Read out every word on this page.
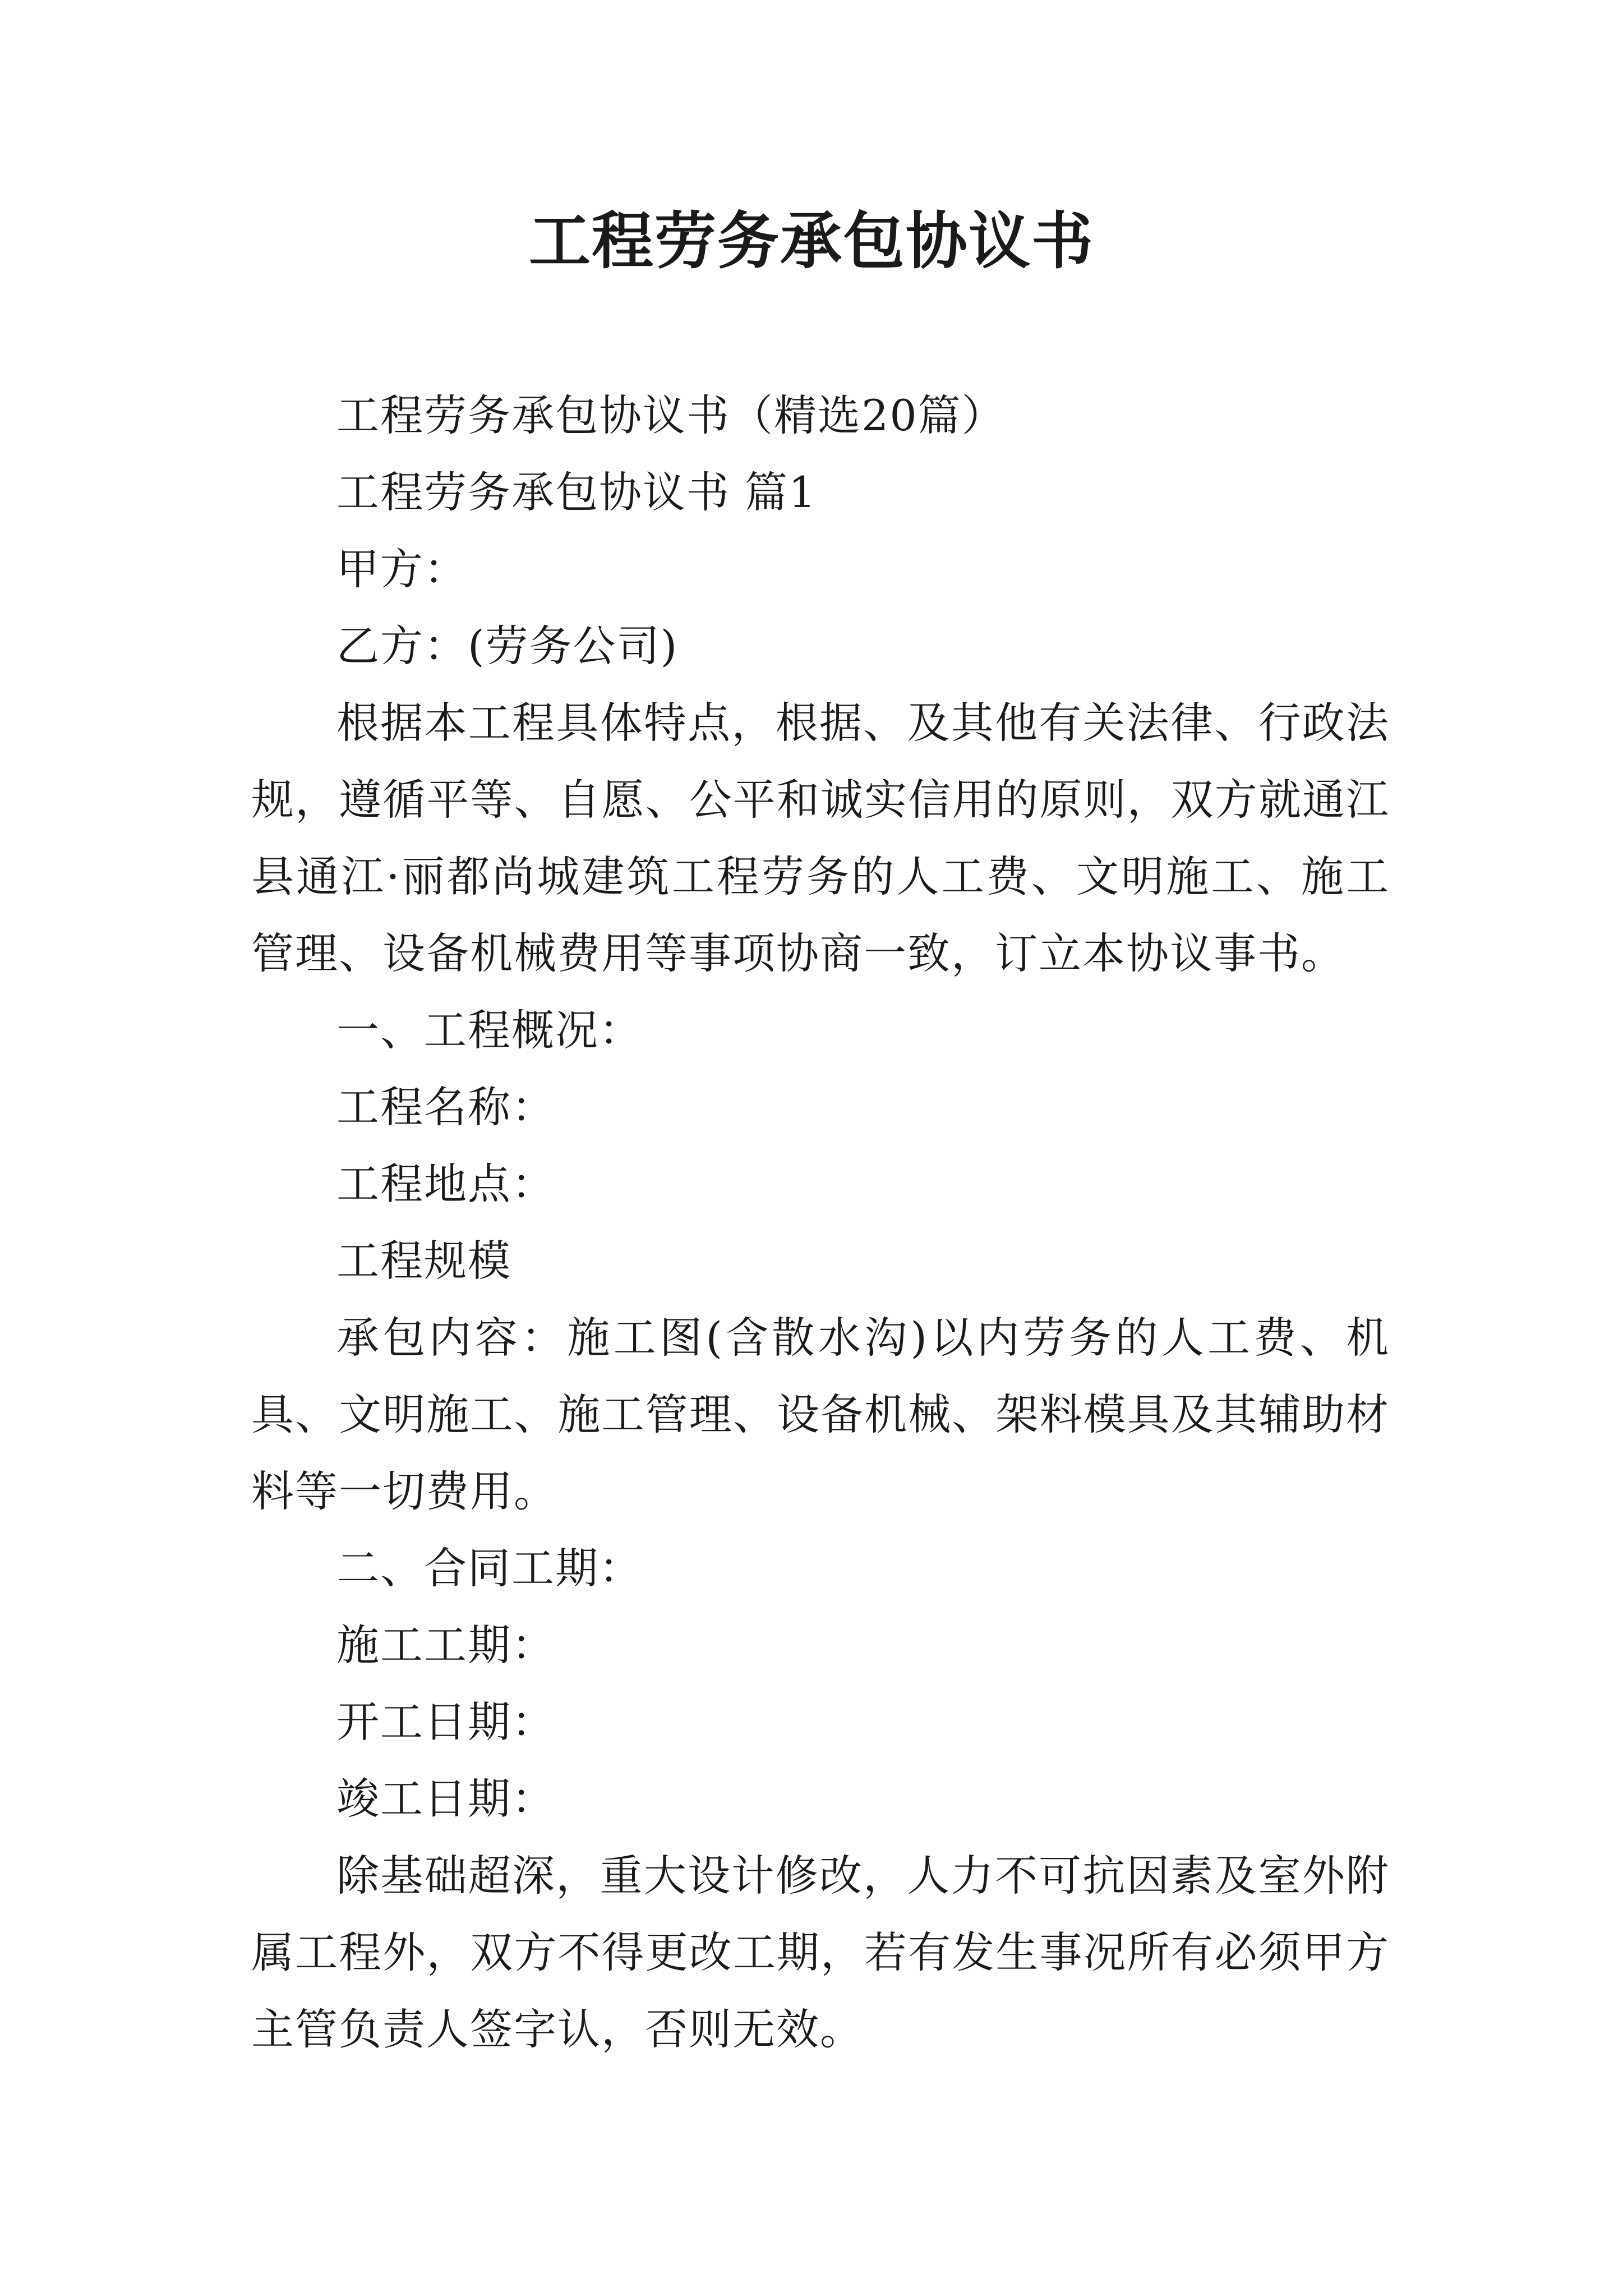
工程劳务承包协议书

工程劳务承包协议书（精选20篇）

工程劳务承包协议书 篇1

甲方：

乙方：(劳务公司)

根据本工程具体特点，根据、及其他有关法律、行政法规，遵循平等、自愿、公平和诚实信用的原则，双方就通江县通江·丽都尚城建筑工程劳务的人工费、文明施工、施工管理、设备机械费用等事项协商一致，订立本协议事书。

一、工程概况：

工程名称：

工程地点：

工程规模

承包内容：施工图(含散水沟)以内劳务的人工费、机具、文明施工、施工管理、设备机械、架料模具及其辅助材料等一切费用。

二、合同工期：

施工工期：

开工日期：

竣工日期：

除基础超深，重大设计修改，人力不可抗因素及室外附属工程外，双方不得更改工期，若有发生事况所有必须甲方主管负责人签字认，否则无效。
